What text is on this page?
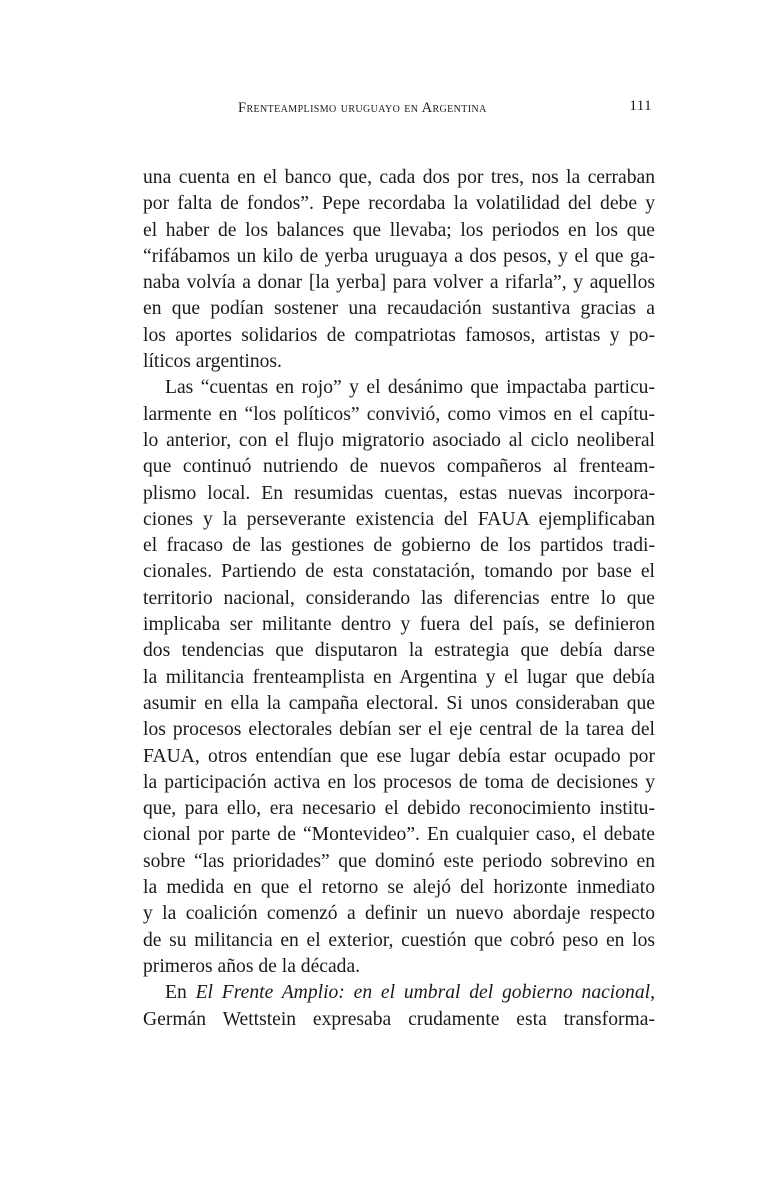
Frenteamplismo uruguayo en Argentina	111
una cuenta en el banco que, cada dos por tres, nos la cerraban
por falta de fondos”. Pepe recordaba la volatilidad del debe y
el haber de los balances que llevaba; los periodos en los que
“rifábamos un kilo de yerba uruguaya a dos pesos, y el que ga-
naba volvía a donar [la yerba] para volver a rifarla”, y aquellos
en que podían sostener una recaudación sustantiva gracias a
los aportes solidarios de compatriotas famosos, artistas y po-
líticos argentinos.
Las “cuentas en rojo” y el desánimo que impactaba particu-
larmente en “los políticos” convivió, como vimos en el capítu-
lo anterior, con el flujo migratorio asociado al ciclo neoliberal
que continuó nutriendo de nuevos compañeros al frenteam-
plismo local. En resumidas cuentas, estas nuevas incorpora-
ciones y la perseverante existencia del FAUA ejemplificaban
el fracaso de las gestiones de gobierno de los partidos tradi-
cionales. Partiendo de esta constatación, tomando por base el
territorio nacional, considerando las diferencias entre lo que
implicaba ser militante dentro y fuera del país, se definieron
dos tendencias que disputaron la estrategia que debía darse
la militancia frenteamplista en Argentina y el lugar que debía
asumir en ella la campaña electoral. Si unos consideraban que
los procesos electorales debían ser el eje central de la tarea del
FAUA, otros entendían que ese lugar debía estar ocupado por
la participación activa en los procesos de toma de decisiones y
que, para ello, era necesario el debido reconocimiento institu-
cional por parte de “Montevideo”. En cualquier caso, el debate
sobre “las prioridades” que dominó este periodo sobrevino en
la medida en que el retorno se alejó del horizonte inmediato
y la coalición comenzó a definir un nuevo abordaje respecto
de su militancia en el exterior, cuestión que cobró peso en los
primeros años de la década.
En El Frente Amplio: en el umbral del gobierno nacional,
Germán Wettstein expresaba crudamente esta transforma-
